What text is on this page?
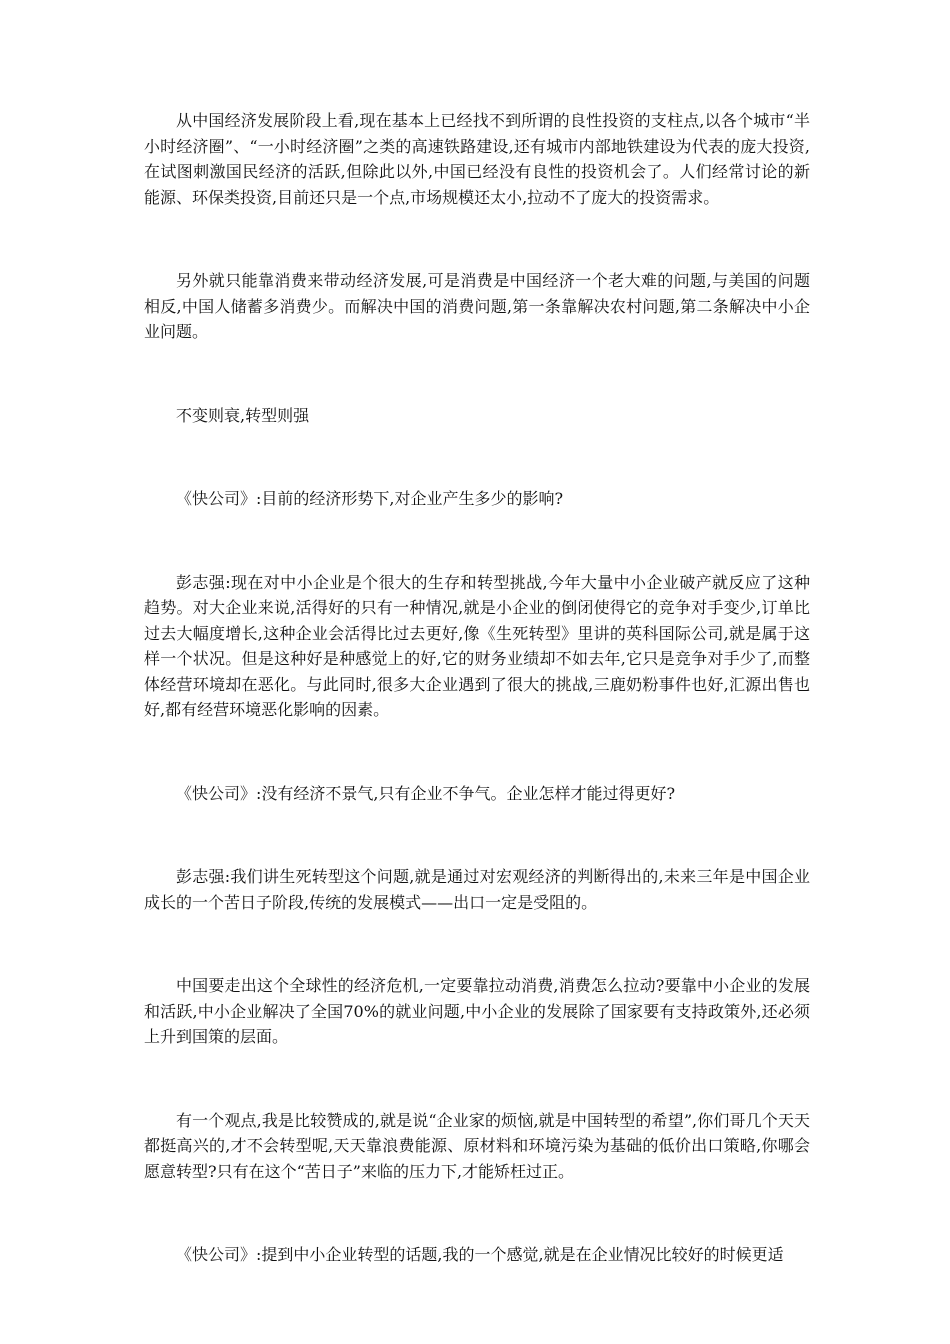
从中国经济发展阶段上看,现在基本上已经找不到所谓的良性投资的支柱点,以各个城市“半小时经济圈”、“一小时经济圈”之类的高速铁路建设,还有城市内部地铁建设为代表的庞大投资,在试图刺激国民经济的活跃,但除此以外,中国已经没有良性的投资机会了。人们经常讨论的新能源、环保类投资,目前还只是一个点,市场规模还太小,拉动不了庞大的投资需求。

另外就只能靠消费来带动经济发展,可是消费是中国经济一个老大难的问题,与美国的问题相反,中国人储蓄多消费少。而解决中国的消费问题,第一条靠解决农村问题,第二条解决中小企业问题。

不变则衰,转型则强

《快公司》:目前的经济形势下,对企业产生多少的影响?

彭志强:现在对中小企业是个很大的生存和转型挑战,今年大量中小企业破产就反应了这种趋势。对大企业来说,活得好的只有一种情况,就是小企业的倒闭使得它的竞争对手变少,订单比过去大幅度增长,这种企业会活得比过去更好,像《生死转型》里讲的英科国际公司,就是属于这样一个状况。但是这种好是种感觉上的好,它的财务业绩却不如去年,它只是竞争对手少了,而整体经营环境却在恶化。与此同时,很多大企业遇到了很大的挑战,三鹿奶粉事件也好,汇源出售也好,都有经营环境恶化影响的因素。

《快公司》:没有经济不景气,只有企业不争气。企业怎样才能过得更好?

彭志强:我们讲生死转型这个问题,就是通过对宏观经济的判断得出的,未来三年是中国企业成长的一个苦日子阶段,传统的发展模式——出口一定是受阻的。

中国要走出这个全球性的经济危机,一定要靠拉动消费,消费怎么拉动?要靠中小企业的发展和活跃,中小企业解决了全国70%的就业问题,中小企业的发展除了国家要有支持政策外,还必须上升到国策的层面。

有一个观点,我是比较赞成的,就是说“企业家的烦恼,就是中国转型的希望”,你们哥几个天天都挺高兴的,才不会转型呢,天天靠浪费能源、原材料和环境污染为基础的低价出口策略,你哪会愿意转型?只有在这个“苦日子”来临的压力下,才能矫枉过正。

《快公司》:提到中小企业转型的话题,我的一个感觉,就是在企业情况比较好的时候更适
